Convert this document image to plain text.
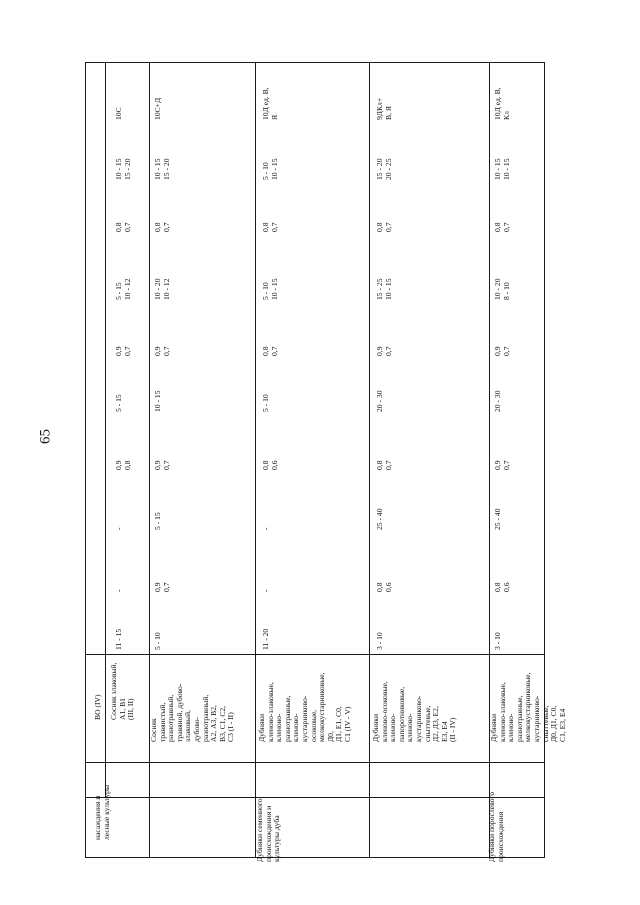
65
насаждения и лесные культуры
ВО (IV) Сосняк злаковый, А1, В1 (III, II)
11 - 15
-
-
0,9 0,8
5 - 15
0,9 0,7
5 - 15 10 - 12
0,8 0,7
10 - 15 15 - 20
10С
Сосняк травяистый, разнотравный, травяной, дубово- злаковый, дубово- разнотравный, А2, А3, В2, В3, С1, С2, С3 (I - II)
5 - 10
0,9 0,7
5 - 15
0,9 0,7
10 - 15
0,9 0,7
10 - 20 10 - 12
0,8 0,7
10 - 15 15 - 20
10С+Д
Дубняки семенного происхождения и культуры дуба
Дубняки кленово-злаковые, кленово- разнотравные, кленово- кустарниково- осоковые, мелкокустарниковые, Д0, Д1, Е1, С0, С1 (IV - V)
11 - 20
-
-
0,8 0,6
5 - 10
0,8 0,7
5 - 10 10 - 15
0,8 0,7
5 - 10 10 - 15
10Д ед. В, Я
Дубняки кленово-осоковые, кленово- папоротниковые, кленово- кустарниково- сныттевые, Д2, Д3, Е2, Е3, Е4 (II - IV)
3 - 10
0,8 0,6
25 - 40
0,8 0,7
20 - 30
0,9 0,7
15 - 25 10 - 15
0,8 0,7
15 - 20 20 - 25
9ДКл+ В, Я
Дубняки порослевого происхождения
Дубняки кленово-злаковые, кленово- разнотравные, мелкокустарниковые, кустарниково- сныттевые, Д0, Д1, С0, С1, Е3, Е4
3 - 10
0,8 0,6
25 - 40
0,9 0,7
20 - 30
0,9 0,7
10 - 20 8 - 10
0,8 0,7
10 - 15 10 - 15
10Д ед. В, Кл
